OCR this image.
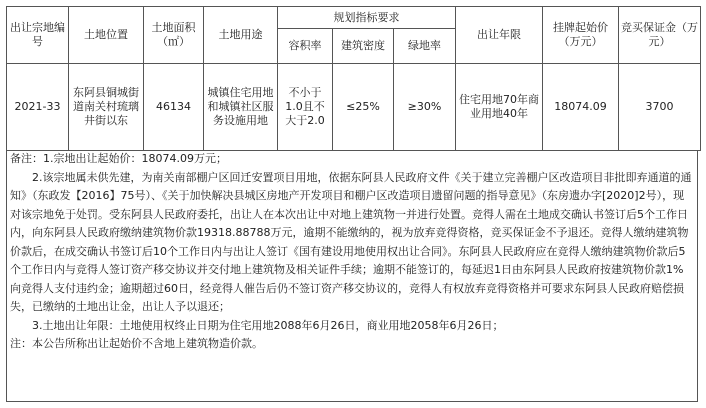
出让宗地编号	土地位置	土地面积（㎡）	土地用途	规划指标要求			出让年限	挂牌起始价（万元）	竞买保证金（万元）
				容积率	建筑密度	绿地率			
2021-33	东阿县铜城街道南关村琉璃井街以东	46134	城镇住宅用地和城镇社区服务设施用地	不小于1.0且不大于2.0	≤25%	≥30%	住宅用地70年商业用地40年	18074.09	3700

备注：1.宗地出让起始价：18074.09万元；

2.该宗地属未供先建，为南关南部棚户区回迁安置项目用地，依据东阿县人民政府文件《关于建立完善棚户区改造项目非批即弃通道的通知》（东政发【2016】75号）、《关于加快解决县城区房地产开发项目和棚户区改造项目遗留问题的指导意见》（东房遗办字[2020]2号），现对该宗地免于处罚。受东阿县人民政府委托，出让人在本次出让中对地上建筑物一并进行处置。竞得人需在土地成交确认书签订后5个工作日内，向东阿县人民政府缴纳建筑物价款19318.88788万元，逾期不能缴纳的，视为放弃竞得资格，竞买保证金不予退还。竞得人缴纳建筑物价款后，在成交确认书签订后10个工作日内与出让人签订《国有建设用地使用权出让合同》。东阿县人民政府应在竞得人缴纳建筑物价款后5个工作日内与竞得人签订资产移交协议并交付地上建筑物及相关证件手续；逾期不能签订的，每延迟1日由东阿县人民政府按建筑物价款1%向竞得人支付违约金；逾期超过60日，经竞得人催告后仍不签订资产移交协议的，竞得人有权放弃竞得资格并可要求东阿县人民政府赔偿损失，已缴纳的土地出让金，出让人予以退还；

3.土地出让年限：土地使用权终止日期为住宅用地2088年6月26日，商业用地2058年6月26日；

注：本公告所称出让起始价不含地上建筑物造价款。
